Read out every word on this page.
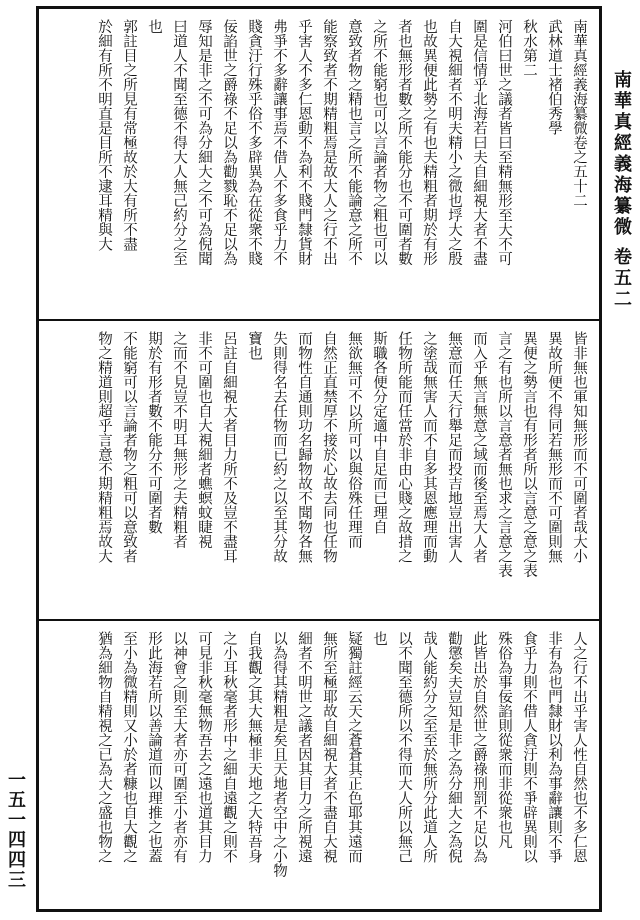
南華真經義海纂微 卷五二
一五一四四三
南華真經義海纂微卷之五十二
武林道士褚伯秀學
秋水第二
河伯曰世之議者皆曰至精無形至大不可
圍是信情乎北海若曰夫自細視大者不盡
自大視細者不明夫精小之微也垺大之殷
也故異便此勢之有也夫精粗者期於有形
者也無形者數之所不能分也不可圍者數
之所不能窮也可以言論者物之粗也可以
意致者物之精也言之所不能論意之所不
能察致者不期精粗焉是故大人之行不出
乎害人不多仁恩動不為利不賤門隸貨財
弗爭不多辭讓事焉不借人不多食乎力不
賤貪汙行殊乎俗不多辟異為在從衆不賤
佞諂世之爵祿不足以為勸戮恥不足以為
辱知是非之不可為分細大之不可為倪聞
曰道人不聞至德不得大人無己約分之至
也
郭註目之所見有常極故於大有所不盡
於細有所不明直是目所不逮耳精與大
皆非無也軍知無形而不可圍者哉大小
異故所便不得同若無形而不可圍則無
異便之勢言也有形者所以言意之意之表
言之有也所以言意者無也求之言意之表
而入乎無言無意之域而後至焉大人者
無意而任天行舉足而投吉地豈出害人
之塗哉無害人而不自多其恩應理而動
任物所能而任當於非由心賤之故措之
斯職各便分定適中自足而已理自
無欲無可不以所可以與俗殊任理而
自然正直禁厚不接於心故去同也任物
而物性自通則功名歸物故不聞物各無
失則得名去任物而已約之以至其分故
寶也
呂註自細視大者目力所不及豈不盡耳
非不可圍也自大視細者蟭螟蚊睫視
之而不見豈不明耳無形之夫精粗者
期於有形者數不能分不可圍者數
不能窮可以言論者物之粗可以意致者
物之精道則超乎言意不期精粗焉故大
人之行不出乎害人性自然也不多仁恩
非有為也門隸財以利為事辭讓則不爭
食乎力則不借人貪汙則不爭辟異則以
殊俗為事佞諂則從衆而非從衆也凡
此皆出於自然世之爵祿刑罰不足以為
勸懲矣夫豈知是非之為分細大之為倪
哉人能約分之至至於無所分此道人所
以不聞至德所以不得而大人所以無己
也
疑獨註經云天之蒼蒼其正色耶其遠而
無所至極耶故自細視大者不盡自大視
細者不明世之議者因其目力之所視遠
以為得其精粗是矣且天地者空中之小物
自我觀之其大無極非天地之大特吾身
之小耳秋毫者形中之細自遠觀之則不
可見非秋毫無物吾去之遠也道其目力
以神會之則至大者亦可圍至小者亦有
形此海若所以善論道而以理推之也蓋
至小為微精則又小於者糠也自大觀之
猶為細物自精視之已為大之盛也物之
